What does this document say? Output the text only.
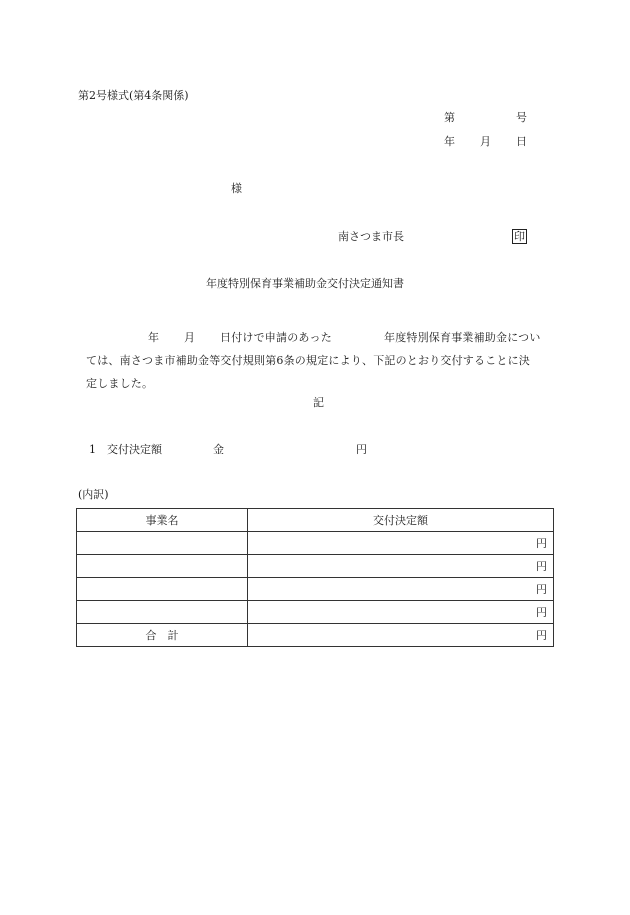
第2号様式(第4条関係)
第	号
年 月 日
様
南さつま市長	印
年度特別保育事業補助金交付決定通知書
年 月 日付けで申請のあった	年度特別保育事業補助金につい
ては、南さつま市補助金等交付規則第6条の規定により、下記のとおり交付することに決
定しました。
記
1　交付決定額	金	円
(内訳)
事業名	交付決定額
	円
	円
	円
	円
合　計	円
